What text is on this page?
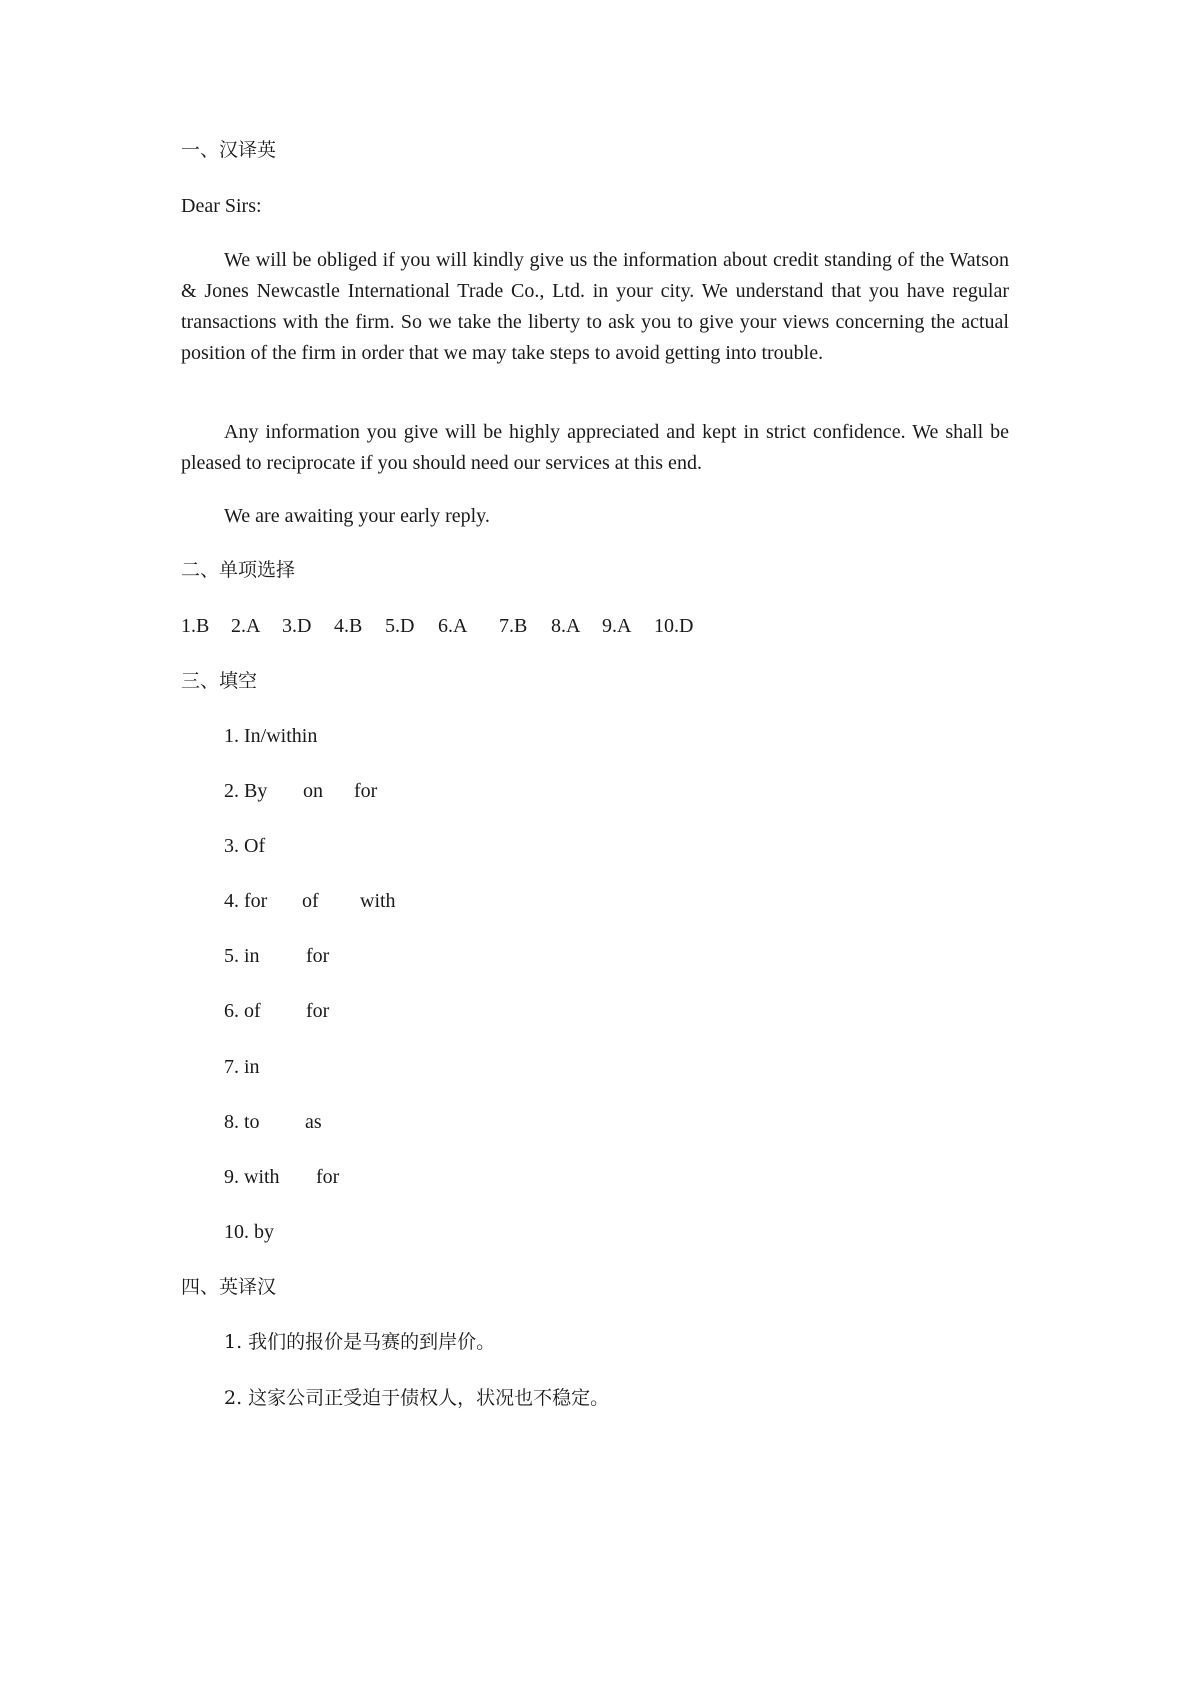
一、汉译英
Dear Sirs:
We will be obliged if you will kindly give us the information about credit standing of the Watson & Jones Newcastle International Trade Co., Ltd. in your city. We understand that you have regular transactions with the firm. So we take the liberty to ask you to give your views concerning the actual position of the firm in order that we may take steps to avoid getting into trouble.
Any information you give will be highly appreciated and kept in strict confidence. We shall be pleased to reciprocate if you should need our services at this end.
We are awaiting your early reply.
二、单项选择
1.B 2.A 3.D 4.B 5.D 6.A 7.B 8.A 9.A 10.D
三、填空
1. In/within
2. By on for
3. Of
4. for of with
5. in for
6. of for
7. in
8. to as
9. with for
10. by
四、英译汉
1. 我们的报价是马赛的到岸价。
2. 这家公司正受迫于债权人，状况也不稳定。
